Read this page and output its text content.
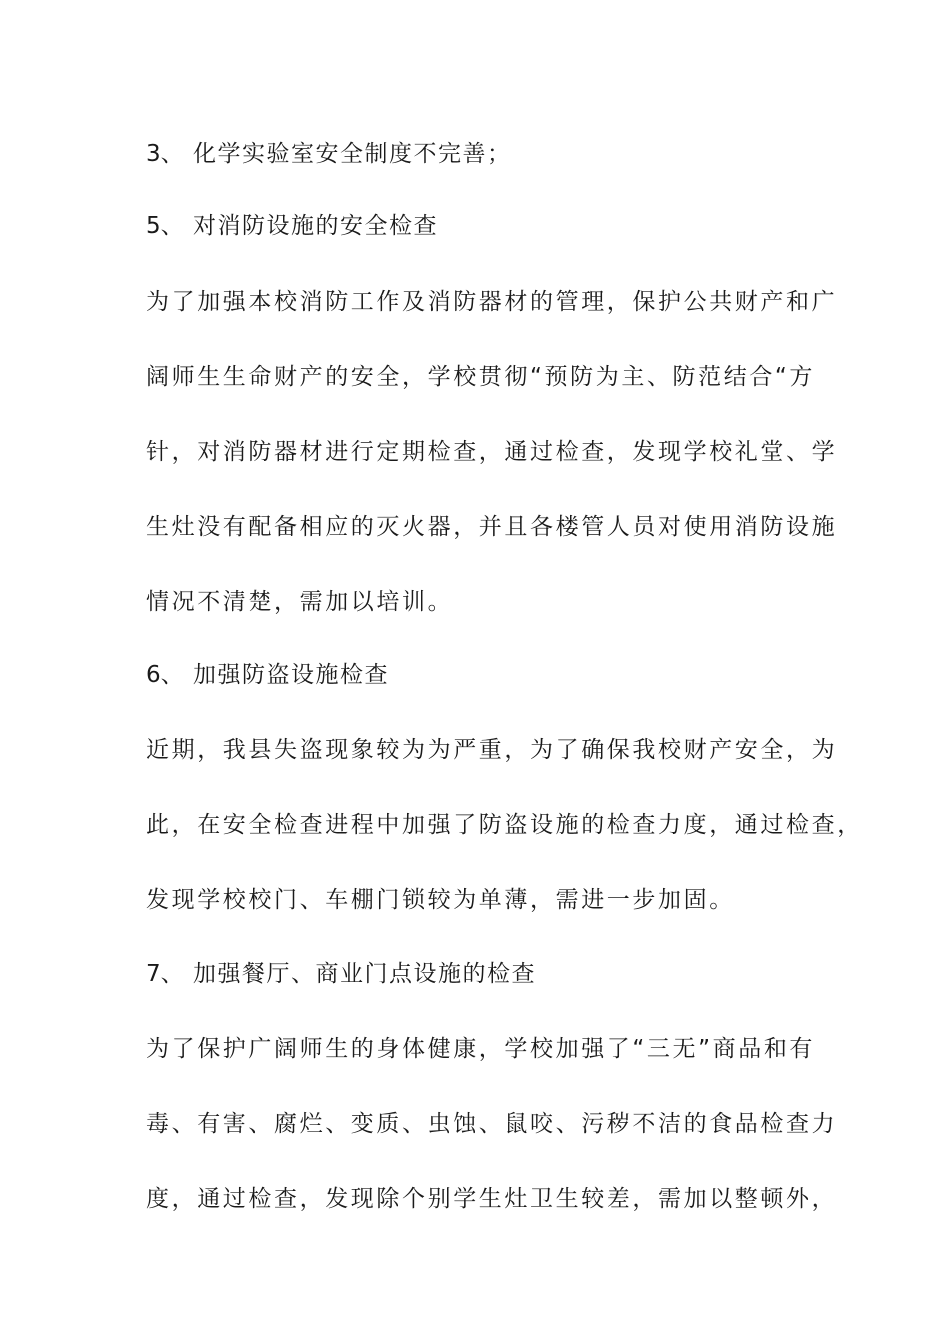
3、 化学实验室安全制度不完善；
5、 对消防设施的安全检查
为了加强本校消防工作及消防器材的管理，保护公共财产和广
阔师生生命财产的安全，学校贯彻“预防为主、防范结合“方
针，对消防器材进行定期检查，通过检查，发现学校礼堂、学
生灶没有配备相应的灭火器，并且各楼管人员对使用消防设施
情况不清楚，需加以培训。
6、 加强防盗设施检查
近期，我县失盗现象较为为严重，为了确保我校财产安全，为
此，在安全检查进程中加强了防盗设施的检查力度，通过检查，
发现学校校门、车棚门锁较为单薄，需进一步加固。
7、 加强餐厅、商业门点设施的检查
为了保护广阔师生的身体健康，学校加强了“三无”商品和有
毒、有害、腐烂、变质、虫蚀、鼠咬、污秽不洁的食品检查力
度，通过检查，发现除个别学生灶卫生较差，需加以整顿外，
